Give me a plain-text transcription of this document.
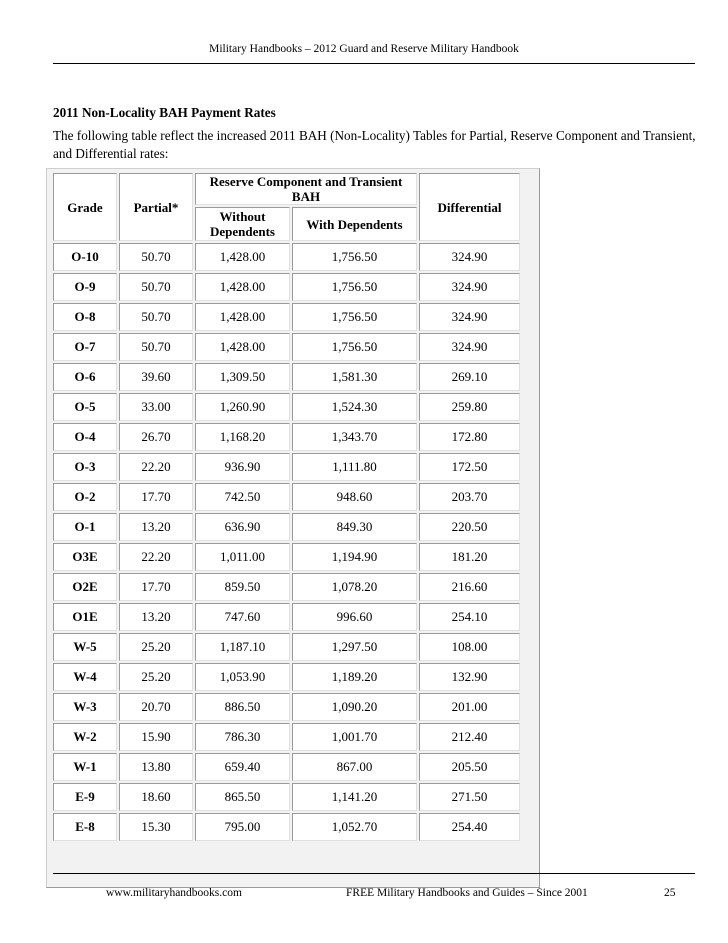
Military Handbooks – 2012 Guard and Reserve Military Handbook
2011 Non-Locality BAH Payment Rates
The following table reflect the increased 2011 BAH (Non-Locality) Tables for Partial, Reserve Component and Transient, and Differential rates:
Grade	Partial*	Reserve Component and Transient BAH		Differential
		Without Dependents	With Dependents	
O-10	50.70	1,428.00	1,756.50	324.90
O-9	50.70	1,428.00	1,756.50	324.90
O-8	50.70	1,428.00	1,756.50	324.90
O-7	50.70	1,428.00	1,756.50	324.90
O-6	39.60	1,309.50	1,581.30	269.10
O-5	33.00	1,260.90	1,524.30	259.80
O-4	26.70	1,168.20	1,343.70	172.80
O-3	22.20	936.90	1,111.80	172.50
O-2	17.70	742.50	948.60	203.70
O-1	13.20	636.90	849.30	220.50
O3E	22.20	1,011.00	1,194.90	181.20
O2E	17.70	859.50	1,078.20	216.60
O1E	13.20	747.60	996.60	254.10
W-5	25.20	1,187.10	1,297.50	108.00
W-4	25.20	1,053.90	1,189.20	132.90
W-3	20.70	886.50	1,090.20	201.00
W-2	15.90	786.30	1,001.70	212.40
W-1	13.80	659.40	867.00	205.50
E-9	18.60	865.50	1,141.20	271.50
E-8	15.30	795.00	1,052.70	254.40
www.militaryhandbooks.com	FREE Military Handbooks and Guides – Since 2001	25
